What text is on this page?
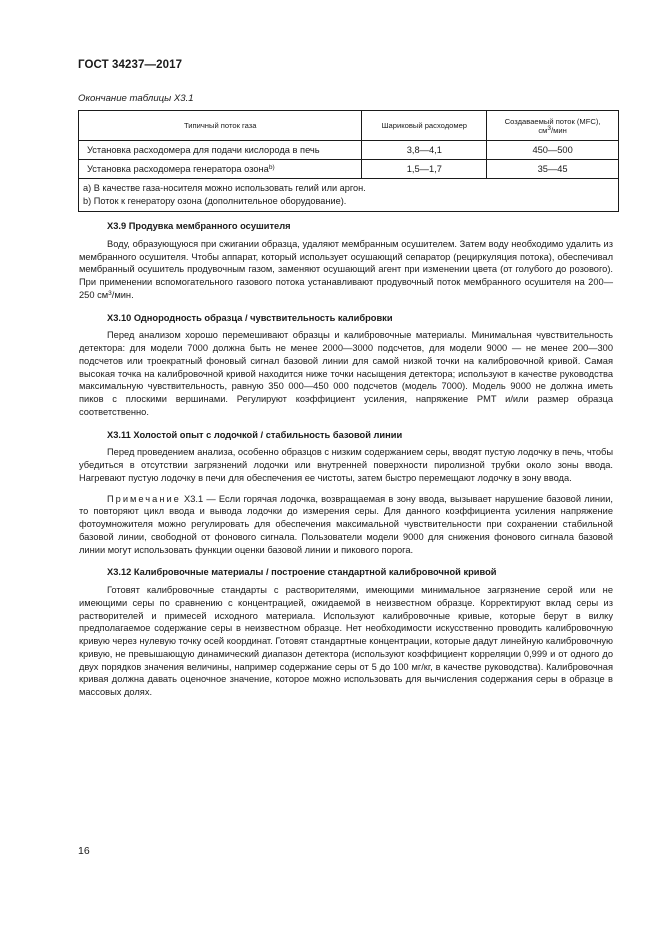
ГОСТ 34237—2017
Окончание таблицы Х3.1
Типичный поток газа	Шариковый расходомер	Создаваемый поток (MFC),
$см^3$/мин
Установка расходомера для подачи кислорода в печь	3,8—4,1	450—500
Установка расходомера генератора озона$^{b)}$	1,5—1,7	35—45

a) В качестве газа-носителя можно использовать гелий или аргон.
b) Поток к генератору озона (дополнительное оборудование).		
Х3.9 Продувка мембранного осушителя

Воду, образующуюся при сжигании образца, удаляют мембранным осушителем. Затем воду необходимо удалить из мембранного осушителя. Чтобы аппарат, который использует осушающий сепаратор (рециркуляция потока), обеспечивал мембранный осушитель продувочным газом, заменяют осушающий агент при изменении цвета (от голубого до розового). При применении вспомогательного газового потока устанавливают продувочный поток мембранного осушителя на 200—250 $см^3$/мин.

Х3.10 Однородность образца / чувствительность калибровки

Перед анализом хорошо перемешивают образцы и калибровочные материалы. Минимальная чувствительность детектора: для модели 7000 должна быть не менее 2000—3000 подсчетов, для модели 9000 — не менее 200—300 подсчетов или троекратный фоновый сигнал базовой линии для самой низкой точки на калибровочной кривой. Самая высокая точка на калибровочной кривой находится ниже точки насыщения детектора; используют в качестве руководства максимальную чувствительность, равную 350 000—450 000 подсчетов (модель 7000). Модель 9000 не должна иметь пиков с плоскими вершинами. Регулируют коэффициент усиления, напряжение PMT и/или размер образца соответственно.

Х3.11 Холостой опыт с лодочкой / стабильность базовой линии

Перед проведением анализа, особенно образцов с низким содержанием серы, вводят пустую лодочку в печь, чтобы убедиться в отсутствии загрязнений лодочки или внутренней поверхности пиролизной трубки около зоны ввода. Нагревают пустую лодочку в печи для обеспечения ее чистоты, затем быстро перемещают лодочку в зону ввода.

Примечание Х3.1 — Если горячая лодочка, возвращаемая в зону ввода, вызывает нарушение базовой линии, то повторяют цикл ввода и вывода лодочки до измерения серы. Для данного коэффициента усиления напряжение фотоумножителя можно регулировать для обеспечения максимальной чувствительности при сохранении стабильной базовой линии, свободной от фонового сигнала. Пользователи модели 9000 для снижения фонового сигнала базовой линии могут использовать функции оценки базовой линии и пикового порога.

Х3.12 Калибровочные материалы / построение стандартной калибровочной кривой

Готовят калибровочные стандарты с растворителями, имеющими минимальное загрязнение серой или не имеющими серы по сравнению с концентрацией, ожидаемой в неизвестном образце. Корректируют вклад серы из растворителей и примесей исходного материала. Используют калибровочные кривые, которые берут в вилку предполагаемое содержание серы в неизвестном образце. Нет необходимости искусственно проводить калибровочную кривую через нулевую точку осей координат. Готовят стандартные концентрации, которые дадут линейную калибровочную кривую, не превышающую динамический диапазон детектора (используют коэффициент корреляции 0,999 и от одного до двух порядков значения величины, например содержание серы от 5 до 100 мг/кг, в качестве руководства). Калибровочная кривая должна давать оценочное значение, которое можно использовать для вычисления содержания серы в образце в массовых долях.

16
